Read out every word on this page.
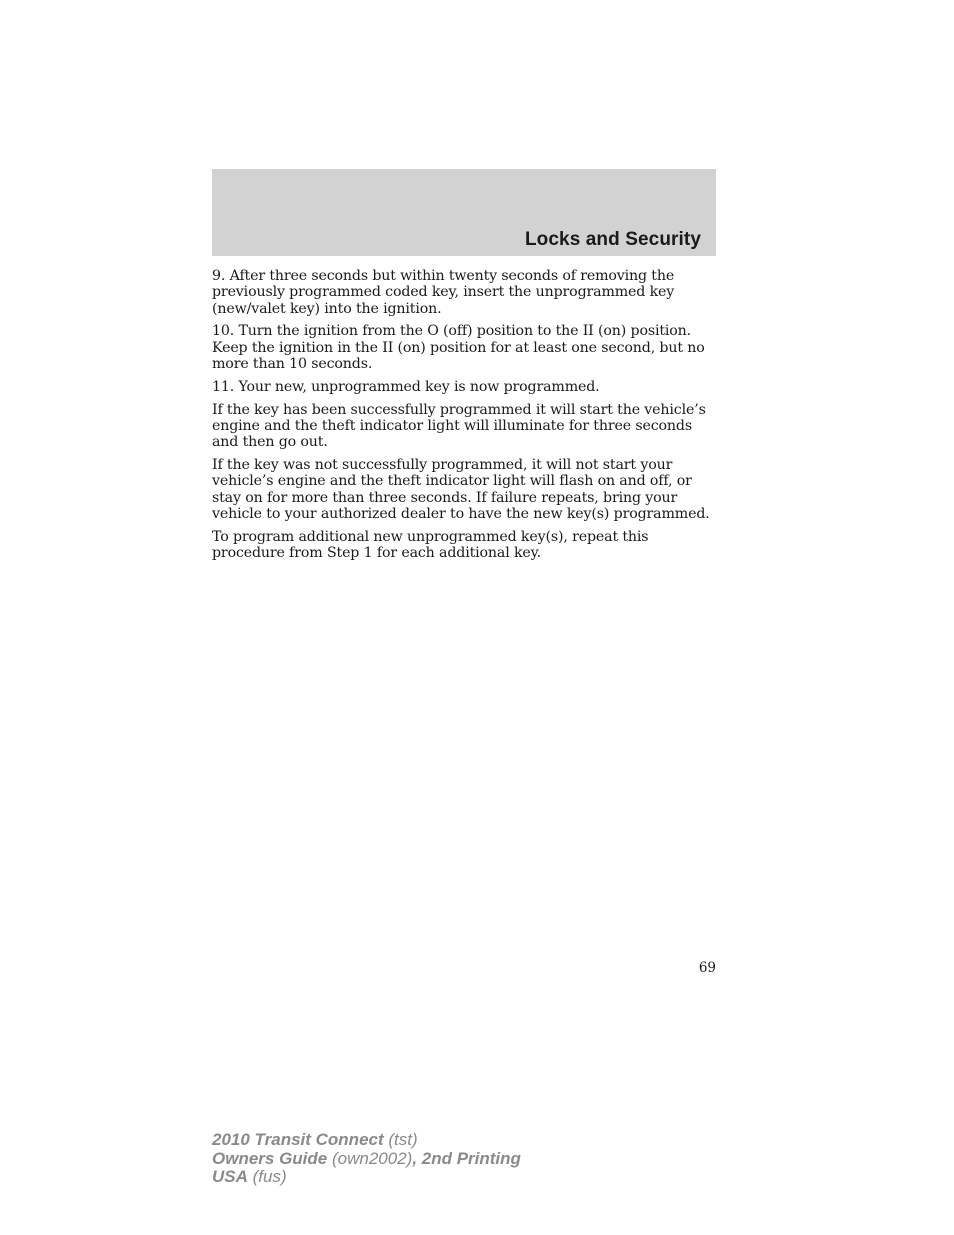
Locks and Security

9. After three seconds but within twenty seconds of removing the previously programmed coded key, insert the unprogrammed key (new/valet key) into the ignition.

10. Turn the ignition from the O (off) position to the II (on) position. Keep the ignition in the II (on) position for at least one second, but no more than 10 seconds.

11. Your new, unprogrammed key is now programmed.

If the key has been successfully programmed it will start the vehicle’s engine and the theft indicator light will illuminate for three seconds and then go out.

If the key was not successfully programmed, it will not start your vehicle’s engine and the theft indicator light will flash on and off, or stay on for more than three seconds. If failure repeats, bring your vehicle to your authorized dealer to have the new key(s) programmed.

To program additional new unprogrammed key(s), repeat this procedure from Step 1 for each additional key.

69
2010 Transit Connect (tst)
Owners Guide (own2002), 2nd Printing
USA (fus)
